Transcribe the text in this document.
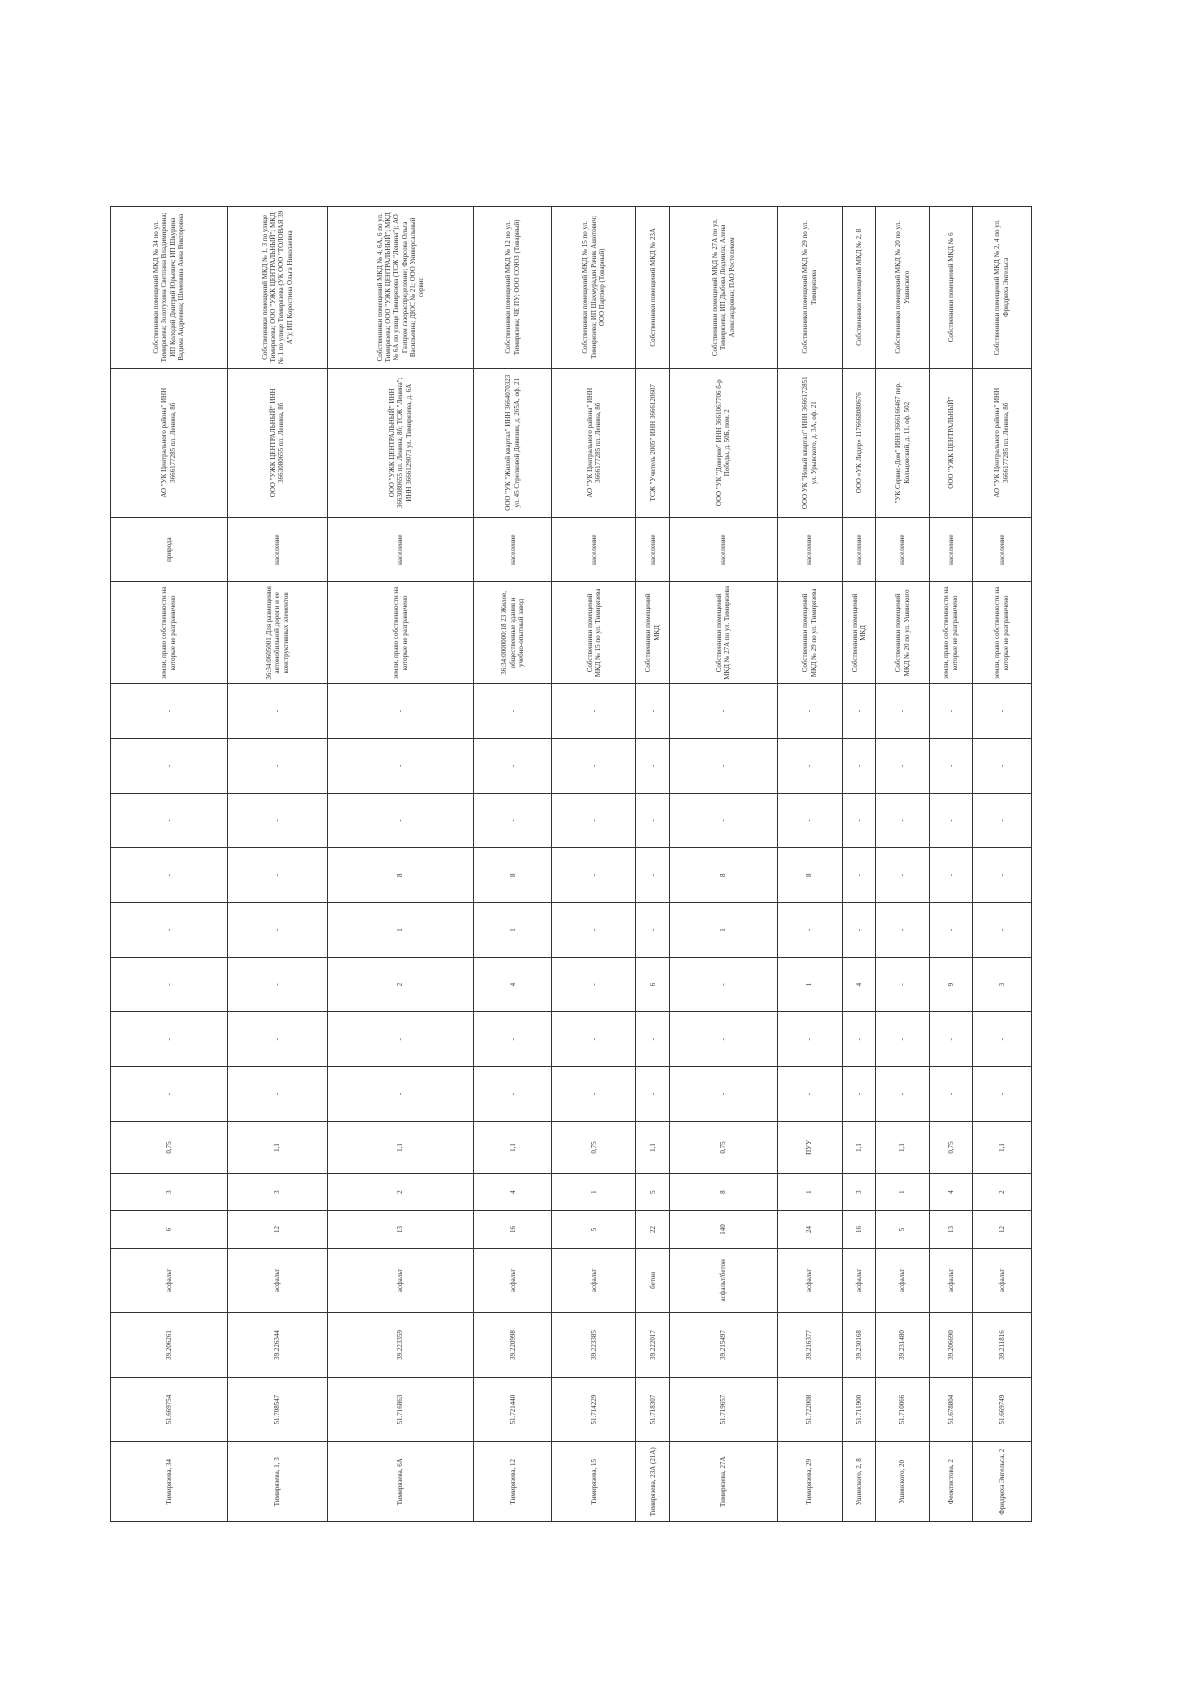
Тимирязева, 34	51.669754	39.206261	асфальт	6	3	0,75	-	-	-	-	-	-	-	-	земли, право собственности на которые не разграничено	природа	АО "УК Центрального района" ИНН 3666177285 пл. Ленина, 8б	Собственники помещений МКД № 34 по ул. Тимирязева; Золотухина Светлана Владимировна; ИП Колодий Дмитрий Юрьевич; ИП Шкурина Вадима Андреевна; Шеменина Анна Викторовна
Тимирязева, 1, 3	51.708547	39.226344	асфальт	12	3	1,1	-	-	-	-	-	-	-	-	36:34:0605001 Для размещения автомобильной дороги и ее конструктивных элементов	население	ООО "УЖК ЦЕНТРАЛЬНЫЙ" ИНН 3663080655 пл. Ленина, 8б	Собственники помещений МКД № 1, 3 по улице Тимирязева; ООО "УЖК ЦЕНТРАЛЬНЫЙ"; МКД № 1 по улице Тимирязева (УК ООО "ТОЛОВАЯ 39 А"); ИП Коростина Ольга Николаевна
Тимирязева, 6А	51.716863	39.223359	асфальт	13	2	1,1	-	-	2	1	8	-	-	-	земли, право собственности на которые не разграничено	население	ООО "УЖК ЦЕНТРАЛЬНЫЙ" ИНН 3663080655 пл. Ленина, 8б; ТСЖ "Ленина"; ИНН 3666129073 ул. Тимирязева, д. 6А	Собственники помещений МКД № 4, 6А, 6 по ул. Тимирязева; ООО "УЖК ЦЕНТРАЛЬНЫЙ"; МКД № 6А по улице Тимирязева (ТСЖ "Ленина"); АО Газпром газораспределение; Фирсова Ольга Васильевна; ДЮС № 21; ООО Универсальный сервис
Тимирязева, 12	51.721440	39.220998	асфальт	16	4	1,1	-	-	4	1	8	-	-	-	36:34:0000000:18 23 Жилое, общественные здания и учебно-опытный завод	население	ООО "УК "Жилой квартал" ИНН 3664070323 ул. 45 Стрелковой Дивизии, д. 265А, оф. 21	Собственники помещений МКД № 12 по ул. Тимирязева; ЧЕ ПУ; ООО СОЮЗ (Товарный)
Тимирязева, 15	51.714229	39.223385	асфальт	5	1	0,75	-	-	-	-	-	-	-	-	Собственники помещений МКД № 15 по ул. Тимирязева	население	АО "УК Центрального района" ИНН 3666177285 пл. Ленина, 8б	Собственники помещений МКД № 15 по ул. Тимирязева; ИП Шахмурадян Рачик Ашотович; ООО Партнер (Товарный)
Тимирязева, 23А (21А)	51.718307	39.222017	бетон	22	5	1,1	-	-	6	-	-	-	-	-	Собственники помещений МКД	население	ТСЖ "Учитель 2005" ИНН 3666120607	Собственники помещений МКД № 23А
Тимирязева, 27А	51.719657	39.215497	асфальт/бетон	140	8	0,75	-	-	-	1	8	-	-	-	Собственники помещений МКД № 27А по ул. Тимирязева	население	ООО "УК "Доверие" ИНН 3661067706 б-р Победы, д. 50Б, пом. 2	Собственники помещений МКД № 27А по ул. Тимирязева; ИП Дыбова Людмила; Алена Александровна; ПАО Ростелеком
Тимирязева, 29	51.722008	39.216377	асфальт	24	1	ПУУ	-	-	1	-	8	-	-	-	Собственники помещений МКД № 29 по ул. Тимирязева	население	ООО УК "Новый квартал" ИНН 3666172851 ул. Урывского, д. 3А, оф. 21	Собственники помещений МКД № 29 по ул. Тимирязева
Ушинского, 2, 8	51.711900	39.230168	асфальт	16	3	1,1	-	-	4	-	-	-	-	-	Собственники помещений МКД	население	ООО «УК Лидер» 1176668080676	Собственники помещений МКД № 2, 8
Ушинского, 20	51.710066	39.231480	асфальт	5	1	1,1	-	-	-	-	-	-	-	-	Собственники помещений МКД № 20 по ул. Ушинского	население	"УК Сервис-Дом" ИНН 3666166467 пер. Кольцовский, д. 11, оф. 502	Собственники помещений МКД № 20 по ул. Ушинского
Феоктистова, 2	51.678804	39.206690	асфальт	13	4	0,75	-	-	9	-	-	-	-	-	земли, право собственности на которые не разграничено	население	ООО "УЖК ЦЕНТРАЛЬНЫЙ"	Собственники помещений МКД № 6
Фридриха Энгельса, 2	51.669749	39.211816	асфальт	12	2	1,1	-	-	3	-	-	-	-	-	земли, право собственности на которые не разграничено	население	АО "УК Центрального района" ИНН 3666177285 пл. Ленина, 8б	Собственники помещений МКД № 2, 4 по ул. Фридриха Энгельса
